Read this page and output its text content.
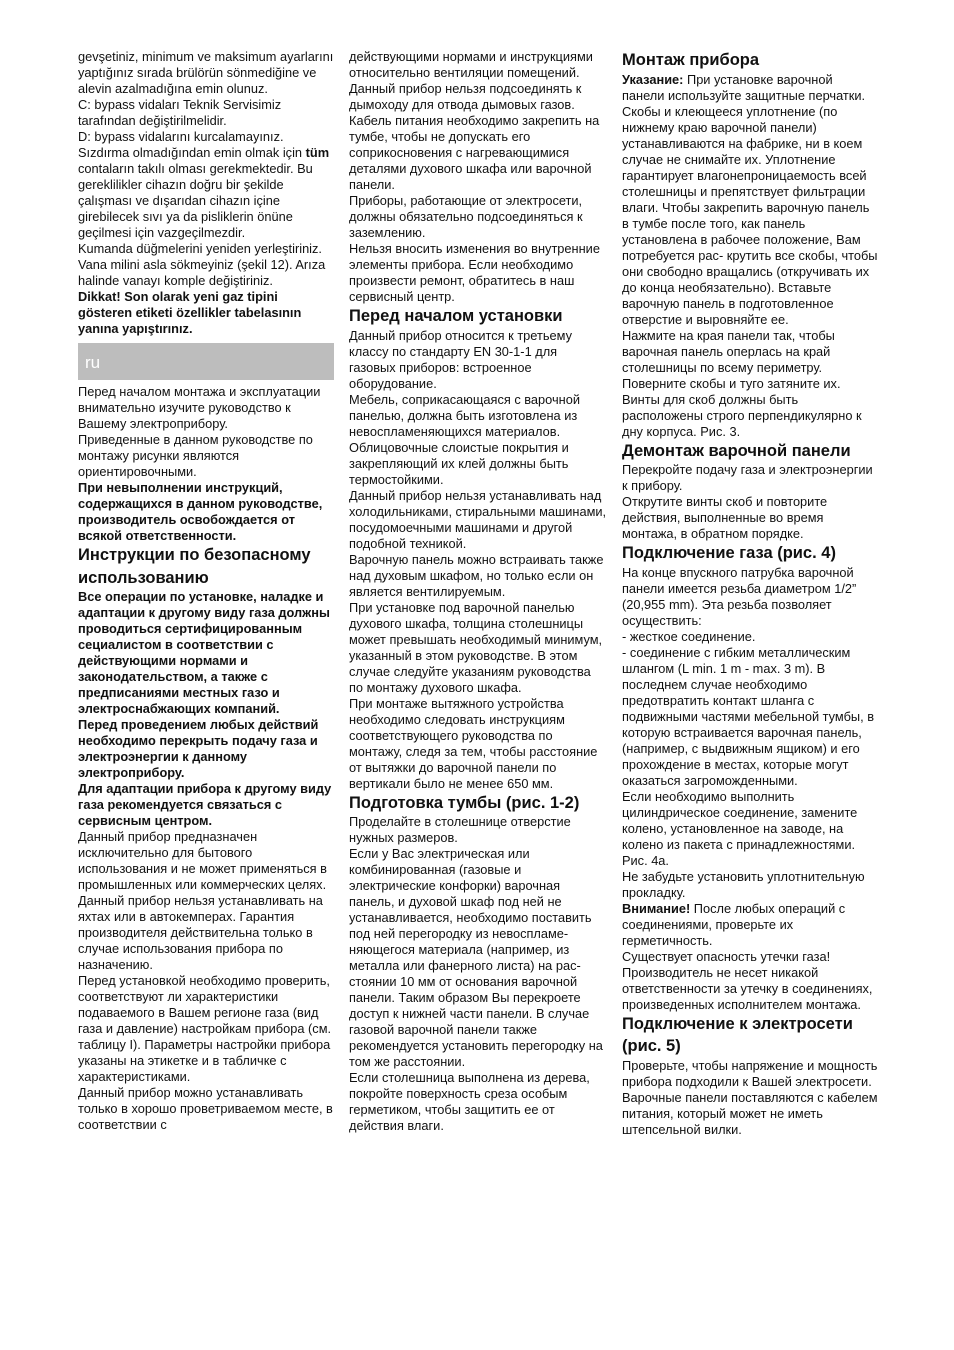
gevşetiniz, minimum ve maksimum ayarlarını yaptığınız sırada brülörün sönmediğine ve alevin azalmadığına emin olunuz.

C: bypass vidaları Teknik Servisimiz tarafından değiştirilmelidir.

D: bypass vidalarını kurcalamayınız.

Sızdırma olmadığından emin olmak için tüm contaların takılı olması gerekmektedir. Bu gereklilikler cihazın doğru bir şekilde çalışması ve dışarıdan cihazın içine girebilecek sıvı ya da pisliklerin önüne geçilmesi için vazgeçilmezdir.

Kumanda düğmelerini yeniden yerleştiriniz.

Vana milini asla sökmeyiniz (şekil 12). Arıza halinde vanayı komple değiştiriniz.

Dikkat! Son olarak yeni gaz tipini gösteren etiketi özellikler tabelasının yanına yapıştırınız.

ru

Перед началом монтажа и эксплуатации внимательно изучите руководство к Вашему электроприбору.

Приведенные в данном руководстве по монтажу рисунки являются ориентировочными.

При невыполнении инструкций, содержащихся в данном руководстве, производитель освобождается от всякой ответственности.

Инструкции по безопасному использованию

Все операции по установке, наладке и адаптации к другому виду газа должны проводиться сертифицированным сециалистом в соответствии с действующими нормами и законодательством, а также с предписаниями местных газо и электроснабжающих компаний.

Перед проведением любых действий необходимо перекрыть подачу газа и электроэнергии к данному электроприбору.

Для адаптации прибора к другому виду газа рекомендуется связаться с сервисным центром.

Данный прибор предназначен исключительно для бытового использования и не может применяться в промышленных или коммерческих целях. Данный прибор нельзя устанавливать на яхтах или в автокемперах. Гарантия производителя действительна только в случае использования прибора по назначению.

Перед установкой необходимо проверить, соответствуют ли характеристики подаваемого в Вашем регионе газа (вид газа и давление) настройкам прибора (см. таблицу I). Параметры настройки прибора указаны на этикетке и в табличке с характеристиками.

Данный прибор можно устанавливать только в хорошо проветриваемом месте, в соответствии с

действующими нормами и инструкциями относительно вентиляции помещений. Данный прибор нельзя подсоединять к дымоходу для отвода дымовых газов. Кабель питания необходимо закрепить на тумбе, чтобы не допускать его соприкосновения с нагревающимися деталями духового шкафа или варочной панели.

Приборы, работающие от электросети, должны обязательно подсоединяться к заземлению.

Нельзя вносить изменения во внутренние элементы прибора. Если необходимо произвести ремонт, обратитесь в наш сервисный центр.

Перед началом установки

Данный прибор относится к третьему классу по стандарту EN 30-1-1 для газовых приборов: встроенное оборудование.

Мебель, соприкасающаяся с варочной панелью, должна быть изготовлена из невоспламеняющихся материалов. Облицовочные слоистые покрытия и закрепляющий их клей должны быть термостойкими.

Данный прибор нельзя устанавливать над холодильниками, стиральными машинами, посудомоечными машинами и другой подобной техникой.

Варочную панель можно встраивать также над духовым шкафом, но только если он является вентилируемым.

При установке под варочной панелью духового шкафа, толщина столешницы может превышать необходимый минимум, указанный в этом руководстве. В этом случае следуйте указаниям руководства по монтажу духового шкафа.

При монтаже вытяжного устройства необходимо следовать инструкциям соответствующего руководства по монтажу, следя за тем, чтобы расстояние от вытяжки до варочной панели по вертикали было не менее 650 мм.

Подготовка тумбы (рис. 1-2)

Проделайте в столешнице отверстие нужных размеров.

Если у Вас электрическая или комбинированная (газовые и электрические конфорки) варочная панель, и духовой шкаф под ней не устанавливается, необходимо поставить под ней перегородку из невоспламе- няющегося материала (например, из металла или фанерного листа) на рас-стоянии 10 мм от основания варочной панели. Таким образом Вы перекроете доступ к нижней части панели. В случае газовой варочной панели также рекомендуется установить перегородку на том же расстоянии.

Если столешница выполнена из дерева, покройте поверхность среза особым герметиком, чтобы защитить ее от действия влаги.

Монтаж прибора

Указание: При установке варочной панели используйте защитные перчатки.

Скобы и клеющееся уплотнение (по нижнему краю варочной панели) устанавливаются на фабрике, ни в коем случае не снимайте их. Уплотнение гарантирует влагонепроницаемость всей столешницы и препятствует фильтрации влаги. Чтобы закрепить варочную панель в тумбе после того, как панель установлена в рабочее положение, Вам потребуется рас- крутить все скобы, чтобы они свободно вращались (откручивать их до конца необязательно). Вставьте варочную панель в подготовленное отверстие и выровняйте ее.

Нажмите на края панели так, чтобы варочная панель оперлась на край столешницы по всему периметру.

Поверните скобы и туго затяните их. Винты для скоб должны быть расположены строго перпендикулярно к дну корпуса. Рис. 3.

Демонтаж варочной панели

Перекройте подачу газа и электроэнергии к прибору.

Открутите винты скоб и повторите действия, выполненные во время монтажа, в обратном порядке.

Подключение газа (рис. 4)

На конце впускного патрубка варочной панели имеется резьба диаметром 1/2” (20,955 mm). Эта резьба позволяет осуществить:

- жесткое соединение.

- соединение с гибким металлическим шлангом (L min. 1 m - max. 3 m). В последнем случае необходимо предотвратить контакт шланга с подвижными частями мебельной тумбы, в которую встраивается варочная панель, (например, с выдвижным ящиком) и его прохождение в местах, которые могут оказаться загроможденными.

Если необходимо выполнить цилиндрическое соединение, замените колено, установленное на заводе, на колено из пакета с принадлежностями. Рис. 4а.

Не забудьте установить уплотнительную прокладку.

Внимание! После любых операций с соединениями, проверьте их герметичность.

Существует опасность утечки газа! Производитель не несет никакой ответственности за утечку в соединениях, произведенных исполнителем монтажа.

Подключение к электросети (рис. 5)

Проверьте, чтобы напряжение и мощность прибора подходили к Вашей электросети.

Варочные панели поставляются с кабелем питания, который может не иметь штепсельной вилки.
